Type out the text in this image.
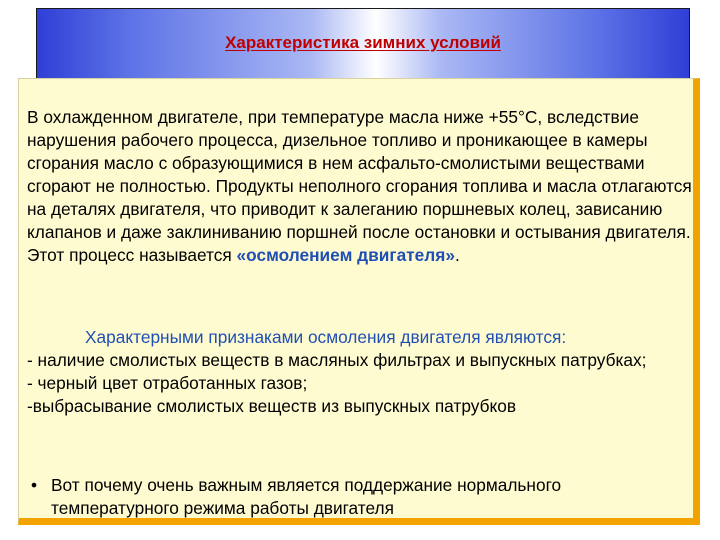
Характеристика зимних условий

В охлажденном двигателе, при температуре масла ниже +55°С, вследствие нарушения рабочего процесса, дизельное топливо и проникающее в камеры сгорания масло с образующимися в нем асфальто-смолистыми веществами сгорают не полностью. Продукты неполного сгорания топлива и масла отлагаются на деталях двигателя, что приводит к залеганию поршневых колец, зависанию клапанов и даже заклиниванию поршней после остановки и остывания двигателя. Этот процесс называется «осмолением двигателя».

Характерными признаками осмоления двигателя являются:
- наличие смолистых веществ в масляных фильтрах и выпускных патрубках;
- черный цвет отработанных газов;
-выбрасывание смолистых веществ из выпускных патрубков
• Вот почему очень важным является поддержание нормального температурного режима работы двигателя
